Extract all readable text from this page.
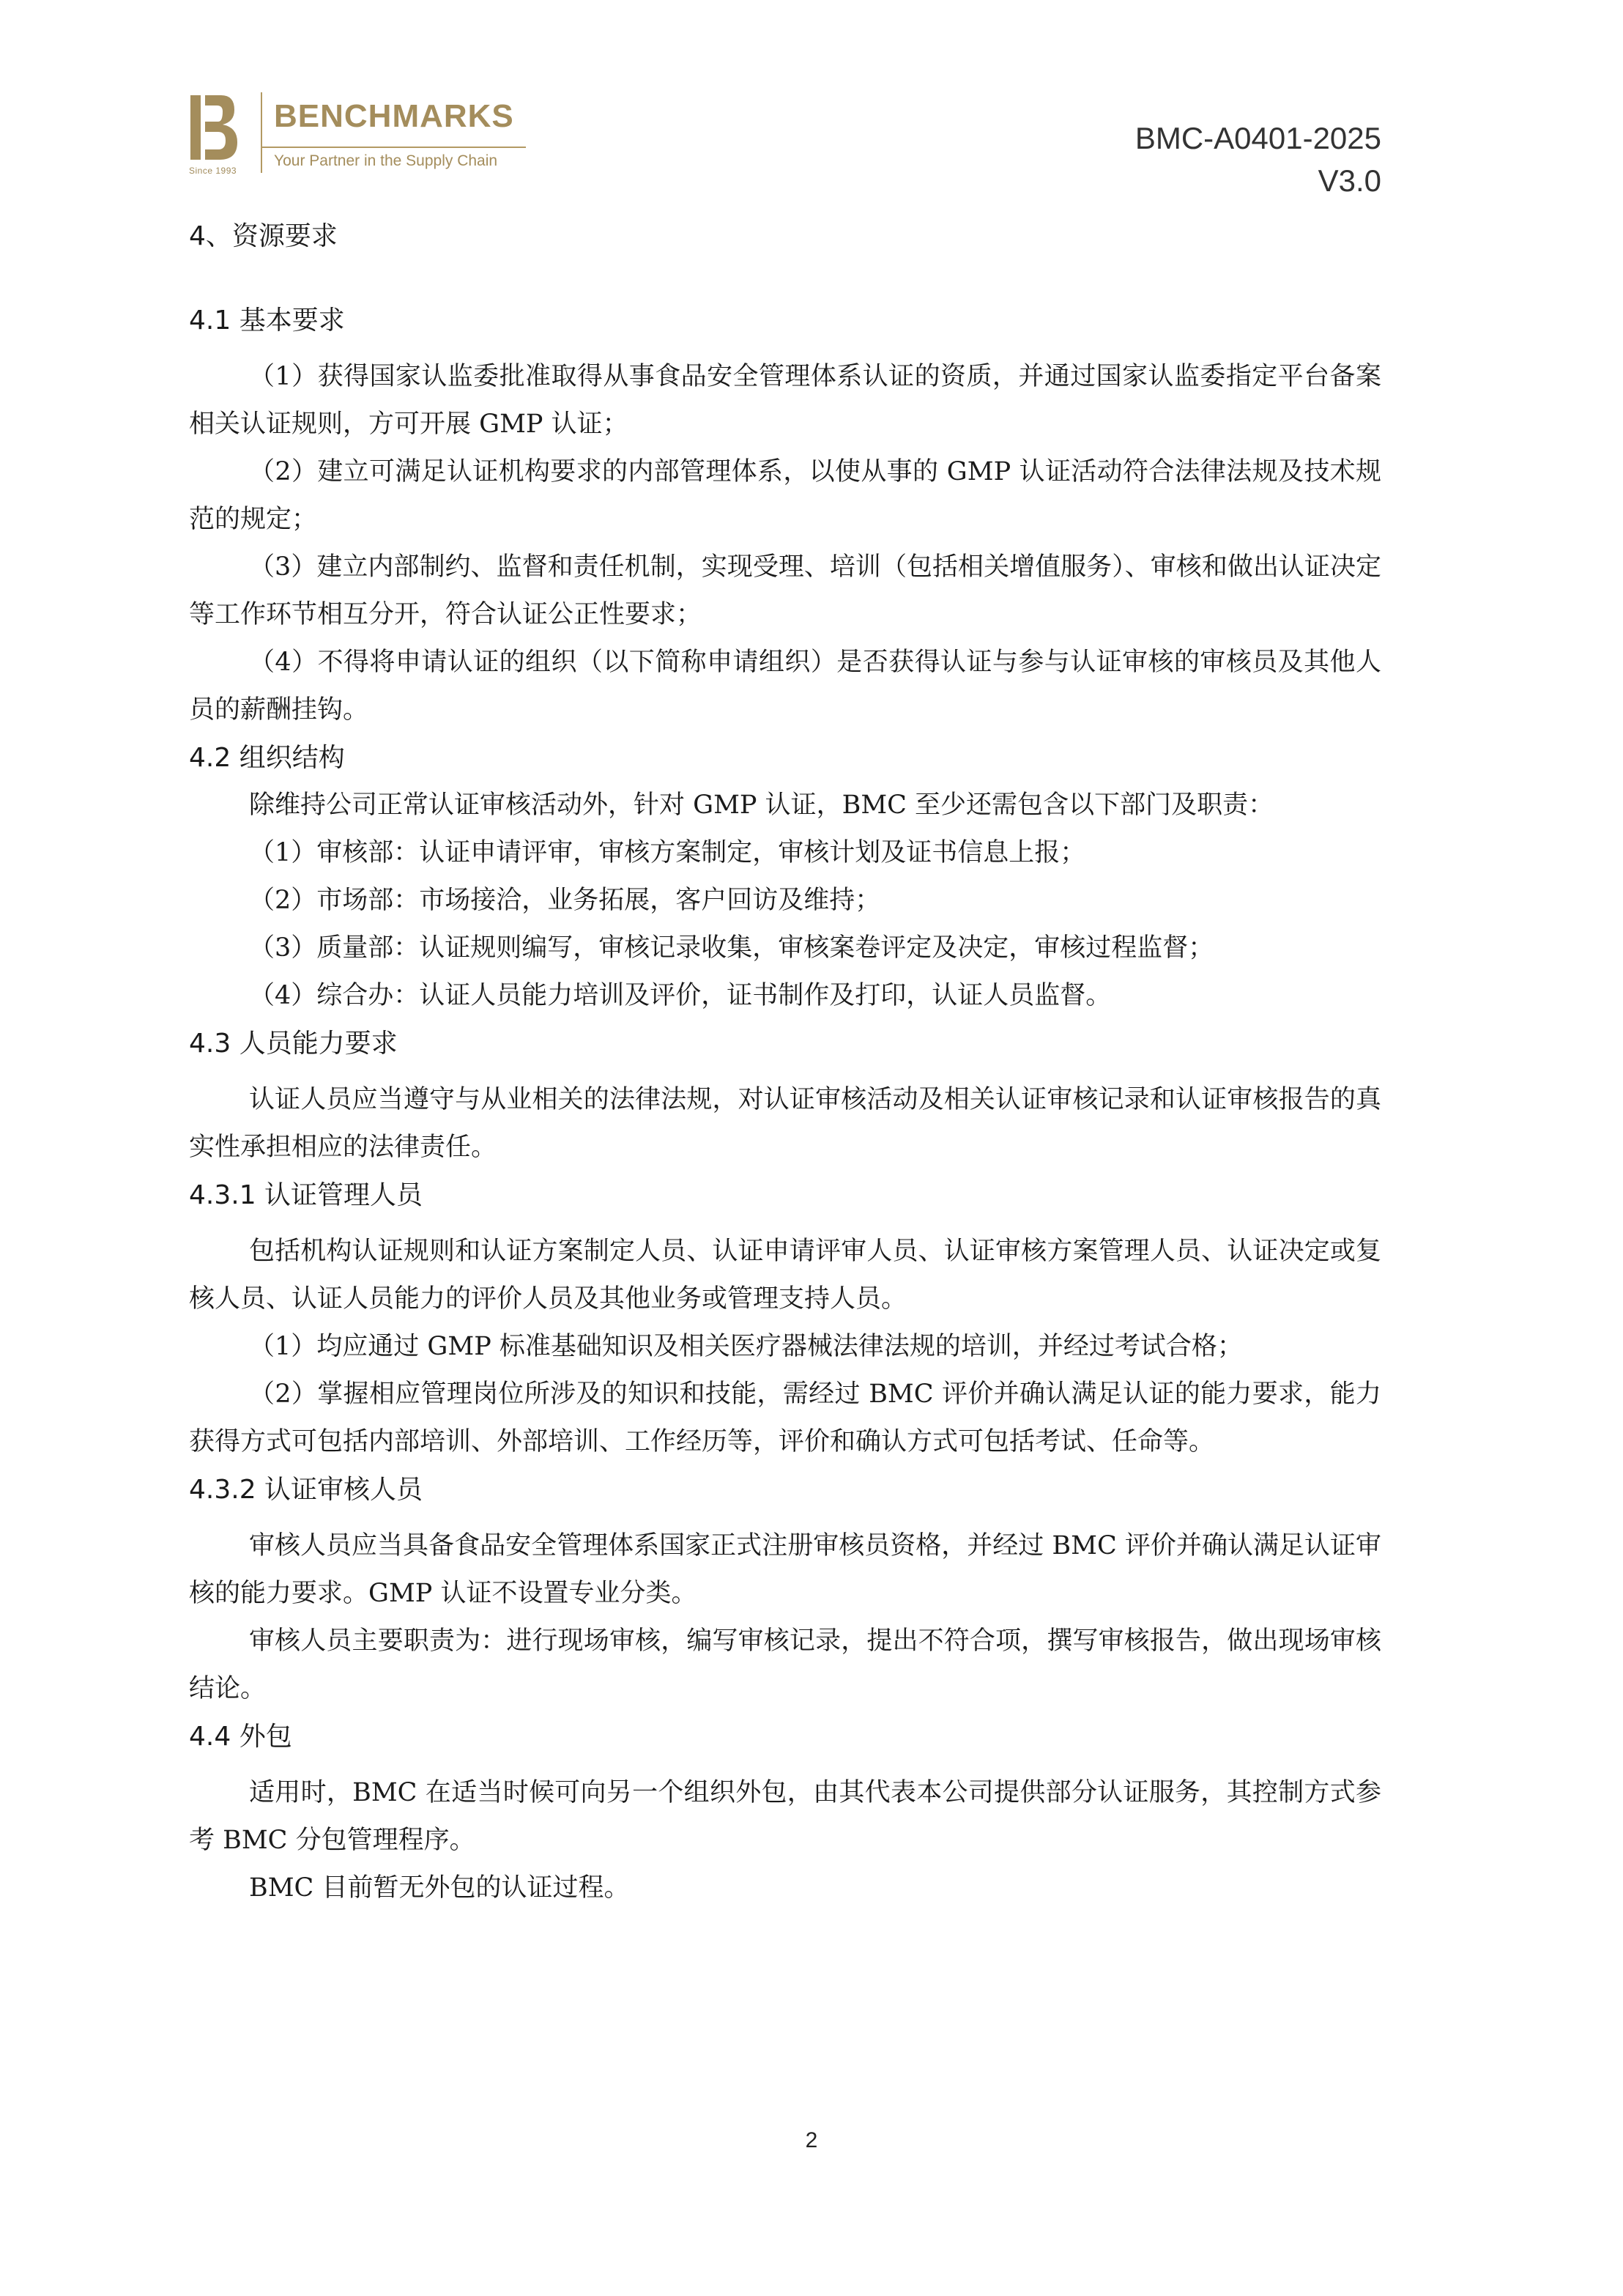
Since 1993
BENCHMARKS
Your Partner in the Supply Chain
BMC-A0401-2025
V3.0

4、资源要求

4.1 基本要求

（1）获得国家认监委批准取得从事食品安全管理体系认证的资质，并通过国家认监委指定平台备案相关认证规则，方可开展 GMP 认证；

（2）建立可满足认证机构要求的内部管理体系，以使从事的 GMP 认证活动符合法律法规及技术规范的规定；

（3）建立内部制约、监督和责任机制，实现受理、培训（包括相关增值服务）、审核和做出认证决定等工作环节相互分开，符合认证公正性要求；

（4）不得将申请认证的组织（以下简称申请组织）是否获得认证与参与认证审核的审核员及其他人员的薪酬挂钩。

4.2 组织结构

除维持公司正常认证审核活动外，针对 GMP 认证，BMC 至少还需包含以下部门及职责：

（1）审核部：认证申请评审，审核方案制定，审核计划及证书信息上报；

（2）市场部：市场接洽，业务拓展，客户回访及维持；

（3）质量部：认证规则编写，审核记录收集，审核案卷评定及决定，审核过程监督；

（4）综合办：认证人员能力培训及评价，证书制作及打印，认证人员监督。

4.3 人员能力要求

认证人员应当遵守与从业相关的法律法规，对认证审核活动及相关认证审核记录和认证审核报告的真实性承担相应的法律责任。

4.3.1 认证管理人员

包括机构认证规则和认证方案制定人员、认证申请评审人员、认证审核方案管理人员、认证决定或复核人员、认证人员能力的评价人员及其他业务或管理支持人员。

（1）均应通过 GMP 标准基础知识及相关医疗器械法律法规的培训，并经过考试合格；

（2）掌握相应管理岗位所涉及的知识和技能，需经过 BMC 评价并确认满足认证的能力要求，能力获得方式可包括内部培训、外部培训、工作经历等，评价和确认方式可包括考试、任命等。

4.3.2 认证审核人员

审核人员应当具备食品安全管理体系国家正式注册审核员资格，并经过 BMC 评价并确认满足认证审核的能力要求。GMP 认证不设置专业分类。

审核人员主要职责为：进行现场审核，编写审核记录，提出不符合项，撰写审核报告，做出现场审核结论。

4.4 外包

适用时，BMC 在适当时候可向另一个组织外包，由其代表本公司提供部分认证服务，其控制方式参考 BMC 分包管理程序。

BMC 目前暂无外包的认证过程。

2
